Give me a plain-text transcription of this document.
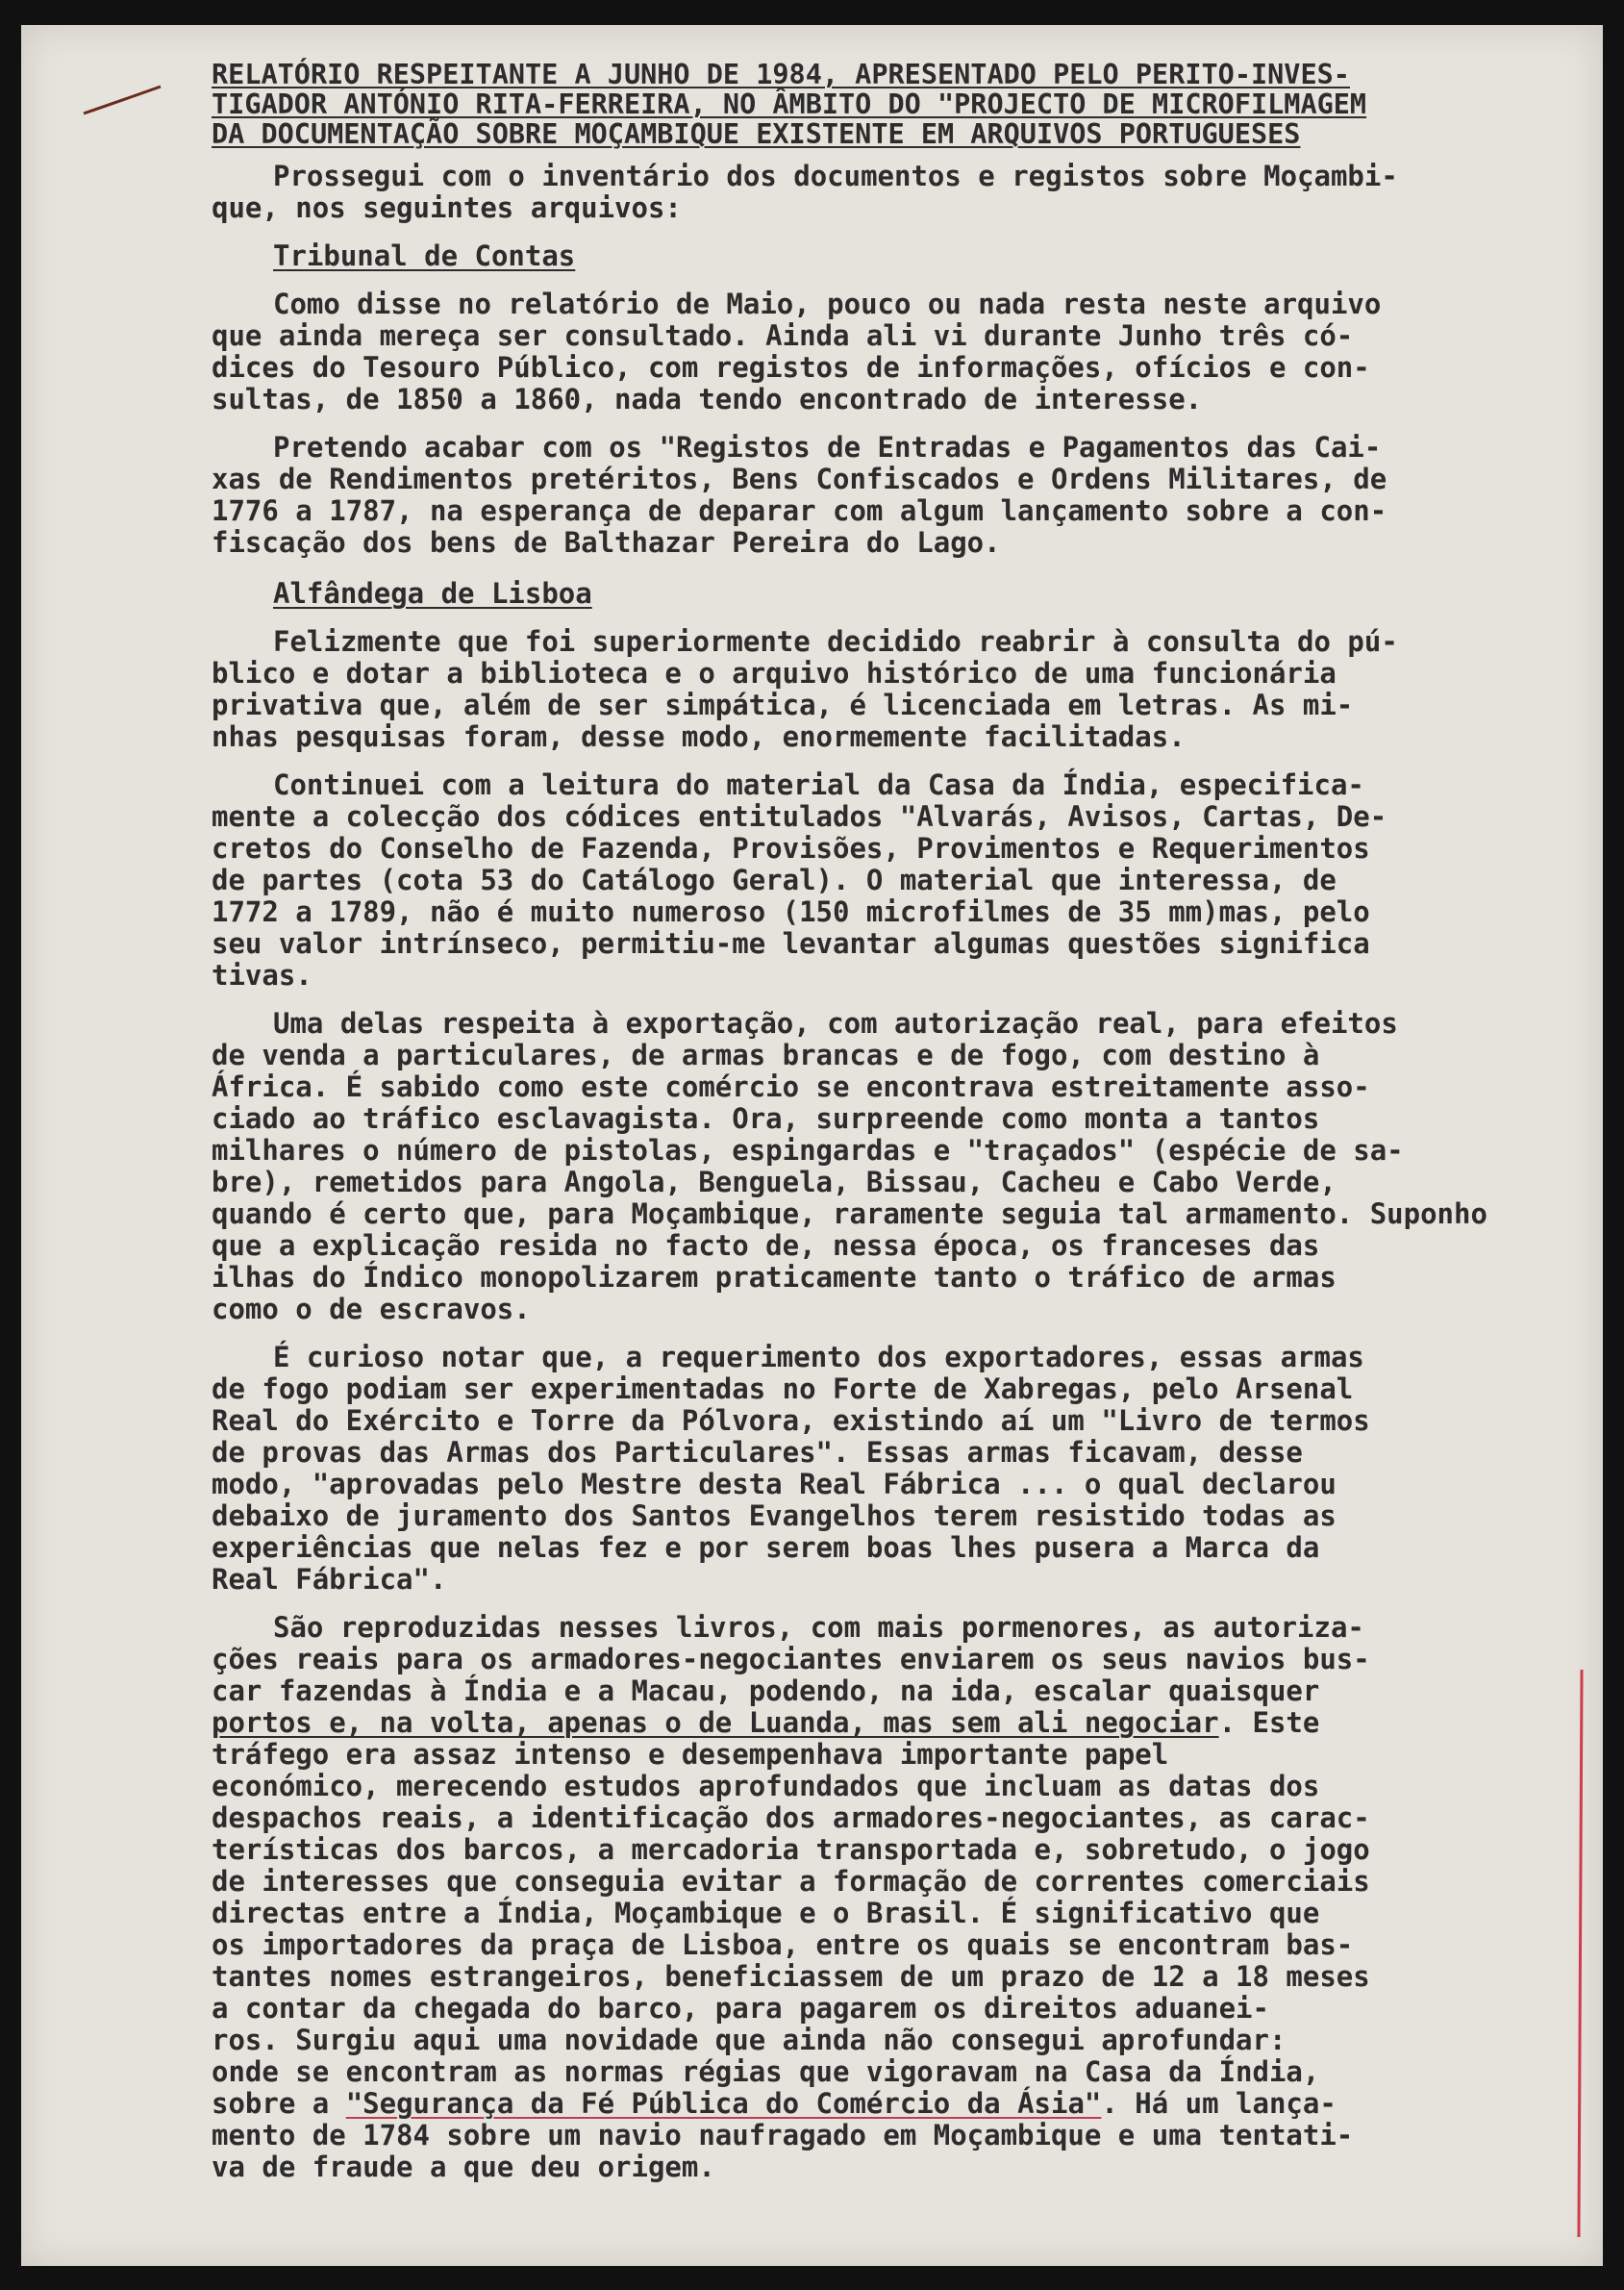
RELATÓRIO RESPEITANTE A JUNHO DE 1984, APRESENTADO PELO PERITO-INVES-
TIGADOR ANTÓNIO RITA-FERREIRA, NO ÂMBITO DO "PROJECTO DE MICROFILMAGEM
DA DOCUMENTAÇÃO SOBRE MOÇAMBIQUE EXISTENTE EM ARQUIVOS PORTUGUESES
Prossegui com o inventário dos documentos e registos sobre Moçambi-
que, nos seguintes arquivos:
Tribunal de Contas
Como disse no relatório de Maio, pouco ou nada resta neste arquivo
que ainda mereça ser consultado. Ainda ali vi durante Junho três có-
dices do Tesouro Público, com registos de informações, ofícios e con-
sultas, de 1850 a 1860, nada tendo encontrado de interesse.
Pretendo acabar com os "Registos de Entradas e Pagamentos das Cai-
xas de Rendimentos pretéritos, Bens Confiscados e Ordens Militares, de
1776 a 1787, na esperança de deparar com algum lançamento sobre a con-
fiscação dos bens de Balthazar Pereira do Lago.
Alfândega de Lisboa
Felizmente que foi superiormente decidido reabrir à consulta do pú-
blico e dotar a biblioteca e o arquivo histórico de uma funcionária
privativa que, além de ser simpática, é licenciada em letras. As mi-
nhas pesquisas foram, desse modo, enormemente facilitadas.
Continuei com a leitura do material da Casa da Índia, especifica-
mente a colecção dos códices entitulados "Alvarás, Avisos, Cartas, De-
cretos do Conselho de Fazenda, Provisões, Provimentos e Requerimentos
de partes (cota 53 do Catálogo Geral). O material que interessa, de
1772 a 1789, não é muito numeroso (150 microfilmes de 35 mm)mas, pelo
seu valor intrínseco, permitiu-me levantar algumas questões significa
tivas.
Uma delas respeita à exportação, com autorização real, para efeitos
de venda a particulares, de armas brancas e de fogo, com destino à
África. É sabido como este comércio se encontrava estreitamente asso-
ciado ao tráfico esclavagista. Ora, surpreende como monta a tantos
milhares o número de pistolas, espingardas e "traçados" (espécie de sa-
bre), remetidos para Angola, Benguela, Bissau, Cacheu e Cabo Verde,
quando é certo que, para Moçambique, raramente seguia tal armamento. Suponho
que a explicação resida no facto de, nessa época, os franceses das
ilhas do Índico monopolizarem praticamente tanto o tráfico de armas
como o de escravos.
É curioso notar que, a requerimento dos exportadores, essas armas
de fogo podiam ser experimentadas no Forte de Xabregas, pelo Arsenal
Real do Exército e Torre da Pólvora, existindo aí um "Livro de termos
de provas das Armas dos Particulares". Essas armas ficavam, desse
modo, "aprovadas pelo Mestre desta Real Fábrica ... o qual declarou
debaixo de juramento dos Santos Evangelhos terem resistido todas as
experiências que nelas fez e por serem boas lhes pusera a Marca da
Real Fábrica".
São reproduzidas nesses livros, com mais pormenores, as autoriza-
ções reais para os armadores-negociantes enviarem os seus navios bus-
car fazendas à Índia e a Macau, podendo, na ida, escalar quaisquer
portos e, na volta, apenas o de Luanda, mas sem ali negociar. Este
tráfego era assaz intenso e desempenhava importante papel
económico, merecendo estudos aprofundados que incluam as datas dos
despachos reais, a identificação dos armadores-negociantes, as carac-
terísticas dos barcos, a mercadoria transportada e, sobretudo, o jogo
de interesses que conseguia evitar a formação de correntes comerciais
directas entre a Índia, Moçambique e o Brasil. É significativo que
os importadores da praça de Lisboa, entre os quais se encontram bas-
tantes nomes estrangeiros, beneficiassem de um prazo de 12 a 18 meses
a contar da chegada do barco, para pagarem os direitos aduanei-
ros. Surgiu aqui uma novidade que ainda não consegui aprofundar:
onde se encontram as normas régias que vigoravam na Casa da Índia,
sobre a "Segurança da Fé Pública do Comércio da Ásia". Há um lança-
mento de 1784 sobre um navio naufragado em Moçambique e uma tentati-
va de fraude a que deu origem.
